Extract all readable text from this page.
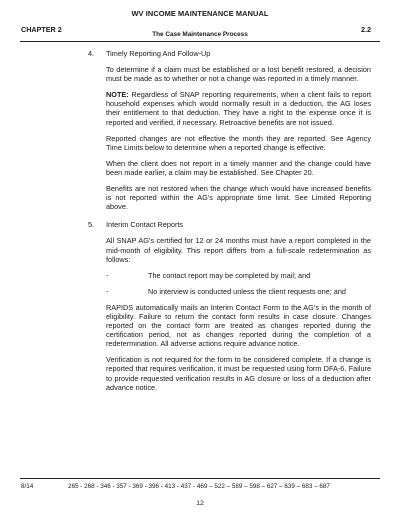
WV INCOME MAINTENANCE MANUAL
CHAPTER 2	2.2
The Case Maintenance Process
4. Timely Reporting And Follow-Up
To determine if a claim must be established or a lost benefit restored, a decision must be made as to whether or not a change was reported in a timely manner.
NOTE: Regardless of SNAP reporting requirements, when a client fails to report household expenses which would normally result in a deduction, the AG loses their entitlement to that deduction. They have a right to the expense once it is reported and verified, if necessary. Retroactive benefits are not issued.
Reported changes are not effective the month they are reported. See Agency Time Limits below to determine when a reported change is effective.
When the client does not report in a timely manner and the change could have been made earlier, a claim may be established. See Chapter 20.
Benefits are not restored when the change which would have increased benefits is not reported within the AG’s appropriate time limit. See Limited Reporting above.
5. Interim Contact Reports
All SNAP AG’s certified for 12 or 24 months must have a report completed in the mid-month of eligibility. This report differs from a full-scale redetermination as follows:
-	The contact report may be completed by mail; and
-	No interview is conducted unless the client requests one; and
RAPIDS automatically mails an Interim Contact Form to the AG’s in the month of eligibility. Failure to return the contact form results in case closure. Changes reported on the contact form are treated as changes reported during the certification period, not as changes reported during the completion of a redetermination. All adverse actions require advance notice.
Verification is not required for the form to be considered complete. If a change is reported that requires verification, it must be requested using form DFA-6. Failure to provide requested verification results in AG closure or loss of a deduction after advance notice.
8/14	265 - 268 - 346 - 357 - 369 - 396 - 413 - 437 - 469 – 522 – 589 – 598 – 627 – 639 – 683 – 687
12
